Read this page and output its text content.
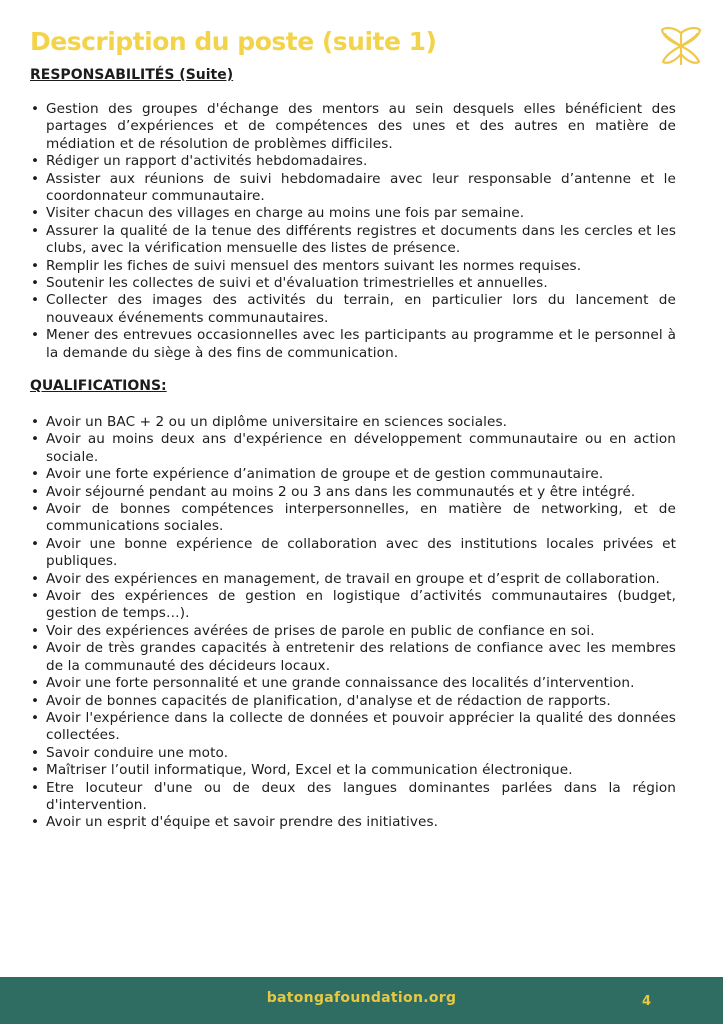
Description du poste (suite 1)
RESPONSABILITÉS (Suite)
• Gestion des groupes d'échange des mentors au sein desquels elles bénéficient des partages d’expériences et de compétences des unes et des autres en matière de médiation et de résolution de problèmes difficiles.
• Rédiger un rapport d'activités hebdomadaires.
• Assister aux réunions de suivi hebdomadaire avec leur responsable d’antenne et le coordonnateur communautaire.
• Visiter chacun des villages en charge au moins une fois par semaine.
• Assurer la qualité de la tenue des différents registres et documents dans les cercles et les clubs, avec la vérification mensuelle des listes de présence.
• Remplir les fiches de suivi mensuel des mentors suivant les normes requises.
• Soutenir les collectes de suivi et d'évaluation trimestrielles et annuelles.
• Collecter des images des activités du terrain, en particulier lors du lancement de nouveaux événements communautaires.
• Mener des entrevues occasionnelles avec les participants au programme et le personnel à la demande du siège à des fins de communication.
QUALIFICATIONS:
• Avoir un BAC + 2 ou un diplôme universitaire en sciences sociales.
• Avoir au moins deux ans d'expérience en développement communautaire ou en action sociale.
• Avoir une forte expérience d’animation de groupe et de gestion communautaire.
• Avoir séjourné pendant au moins 2 ou 3 ans dans les communautés et y être intégré.
• Avoir de bonnes compétences interpersonnelles, en matière de networking, et de communications sociales.
• Avoir une bonne expérience de collaboration avec des institutions locales privées et publiques.
• Avoir des expériences en management, de travail en groupe et d’esprit de collaboration.
• Avoir des expériences de gestion en logistique d’activités communautaires (budget, gestion de temps…).
• Voir des expériences avérées de prises de parole en public de confiance en soi.
• Avoir de très grandes capacités à entretenir des relations de confiance avec les membres de la communauté des décideurs locaux.
• Avoir une forte personnalité et une grande connaissance des localités d’intervention.
• Avoir de bonnes capacités de planification, d'analyse et de rédaction de rapports.
• Avoir l'expérience dans la collecte de données et pouvoir apprécier la qualité des données collectées.
• Savoir conduire une moto.
• Maîtriser l’outil informatique, Word, Excel et la communication électronique.
• Etre locuteur d'une ou de deux des langues dominantes parlées dans la région d'intervention.
• Avoir un esprit d'équipe et savoir prendre des initiatives.
batongafoundation.org	4
